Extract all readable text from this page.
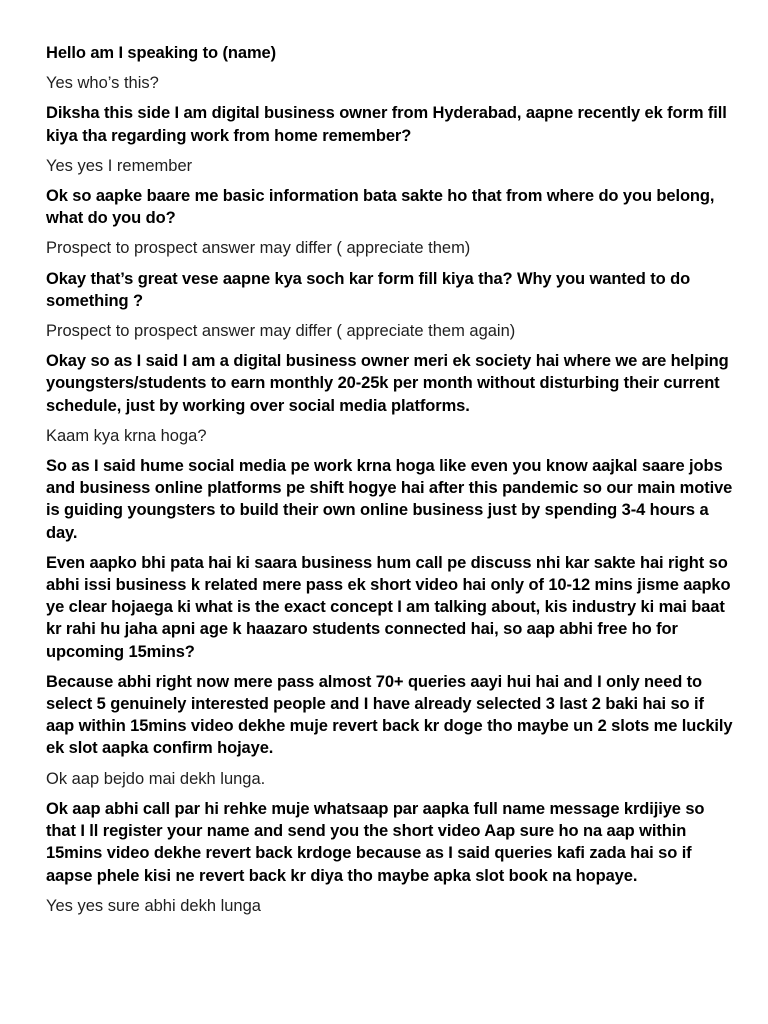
Hello am I speaking to (name)

Yes who’s this?

Diksha this side I am digital business owner from Hyderabad, aapne recently ek form fill kiya tha regarding work from home remember?

Yes yes I remember

Ok so aapke baare me basic information bata sakte ho that from where do you belong, what do you do?

Prospect to prospect answer may differ ( appreciate them)

Okay that’s great vese aapne kya soch kar form fill kiya tha? Why you wanted to do something ?

Prospect to prospect answer may differ ( appreciate them again)

Okay so as I said I am a digital business owner meri ek society hai where we are helping youngsters/students to earn monthly 20-25k per month without disturbing their current schedule, just by working over social media platforms.

Kaam kya krna hoga?

So as I said hume social media pe work krna hoga like even you know aajkal saare jobs and business online platforms pe shift hogye hai after this pandemic so our main motive is guiding youngsters to build their own online business just by spending 3-4 hours a day.

Even aapko bhi pata hai ki saara business hum call pe discuss nhi kar sakte hai right so abhi issi business k related mere pass ek short video hai only of 10-12 mins jisme aapko ye clear hojaega ki what is the exact concept I am talking about, kis industry ki mai baat kr rahi hu jaha apni age k haazaro students connected hai, so aap abhi free ho for upcoming 15mins?

Because abhi right now mere pass almost 70+ queries aayi hui hai and I only need to select 5 genuinely interested people and I have already selected 3 last 2 baki hai so if aap within 15mins video dekhe muje revert back kr doge tho maybe un 2 slots me luckily ek slot aapka confirm hojaye.

Ok aap bejdo mai dekh lunga.

Ok aap abhi call par hi rehke muje whatsaap par aapka full name message krdijiye so that I ll register your name and send you the short video Aap sure ho na aap within 15mins video dekhe revert back krdoge because as I said queries kafi zada hai so if aapse phele kisi ne revert back kr diya tho maybe apka slot book na hopaye.

Yes yes sure abhi dekh lunga
